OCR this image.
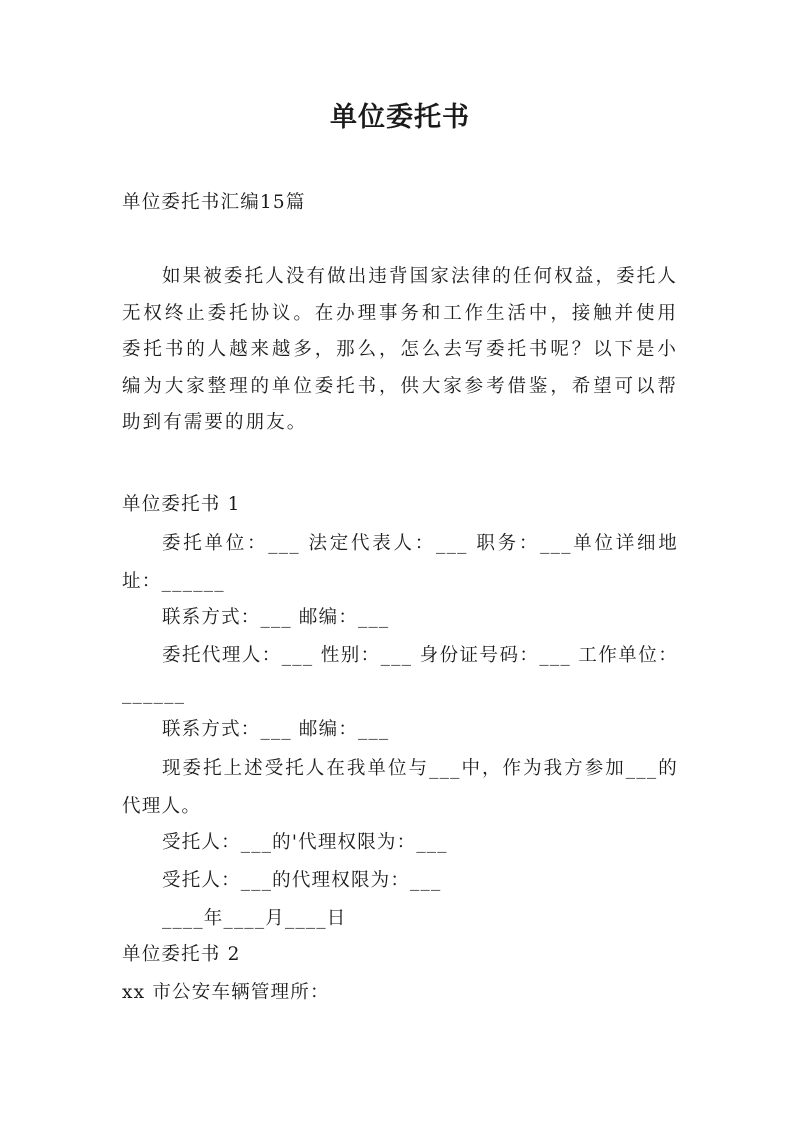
单位委托书
单位委托书汇编15篇
如果被委托人没有做出违背国家法律的任何权益，委托人无权终止委托协议。在办理事务和工作生活中，接触并使用委托书的人越来越多，那么，怎么去写委托书呢？以下是小编为大家整理的单位委托书，供大家参考借鉴，希望可以帮助到有需要的朋友。
单位委托书 1
委托单位：___ 法定代表人：___ 职务：___单位详细地址：______
联系方式：___ 邮编：___
委托代理人：___ 性别：___ 身份证号码：___ 工作单位：______
联系方式：___ 邮编：___
现委托上述受托人在我单位与___中，作为我方参加___的代理人。
受托人：___的'代理权限为：___
受托人：___的代理权限为：___
____年____月____日
单位委托书 2
xx 市公安车辆管理所：
